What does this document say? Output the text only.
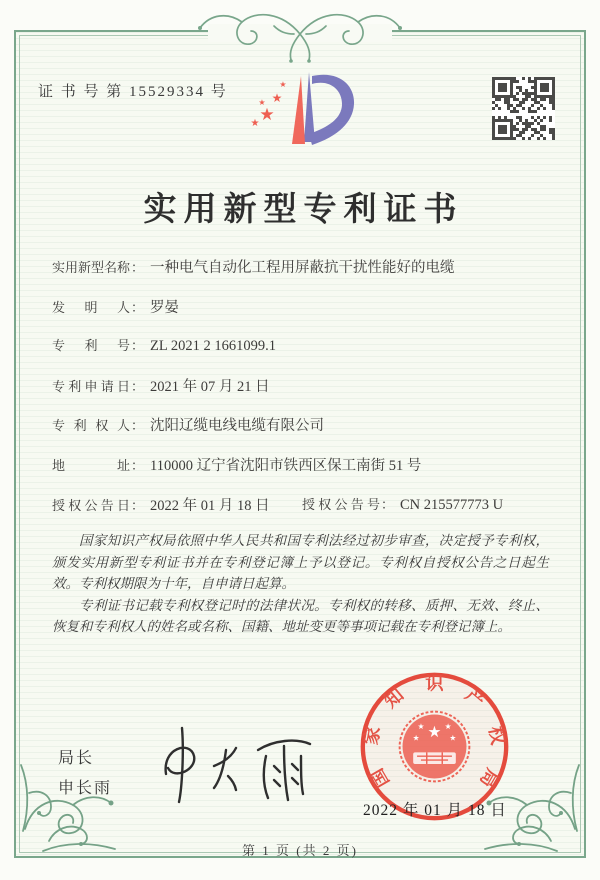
证 书 号 第 15529334 号
★
★
★
★
★
实用新型专利证书
实用新型名称： 一种电气自动化工程用屏蔽抗干扰性能好的电缆
发明人： 罗晏
专利号： ZL 2021 2 1661099.1
专利申请日： 2021 年 07 月 21 日
专利权人： 沈阳辽缆电线电缆有限公司
地址： 110000 辽宁省沈阳市铁西区保工南街 51 号
授权公告日： 2022 年 01 月 18 日 授权公告号： CN 215577773 U

国家知识产权局依照中华人民共和国专利法经过初步审查，决定授予专利权，颁发实用新型专利证书并在专利登记簿上予以登记。专利权自授权公告之日起生效。专利权期限为十年，自申请日起算。

专利证书记载专利权登记时的法律状况。专利权的转移、质押、无效、终止、恢复和专利权人的姓名或名称、国籍、地址变更等事项记载在专利登记簿上。

局长
申长雨	国
家
知
识
产
权
局
★
★	★
★	★
2022 年 01 月 18 日
第 1 页 (共 2 页)
